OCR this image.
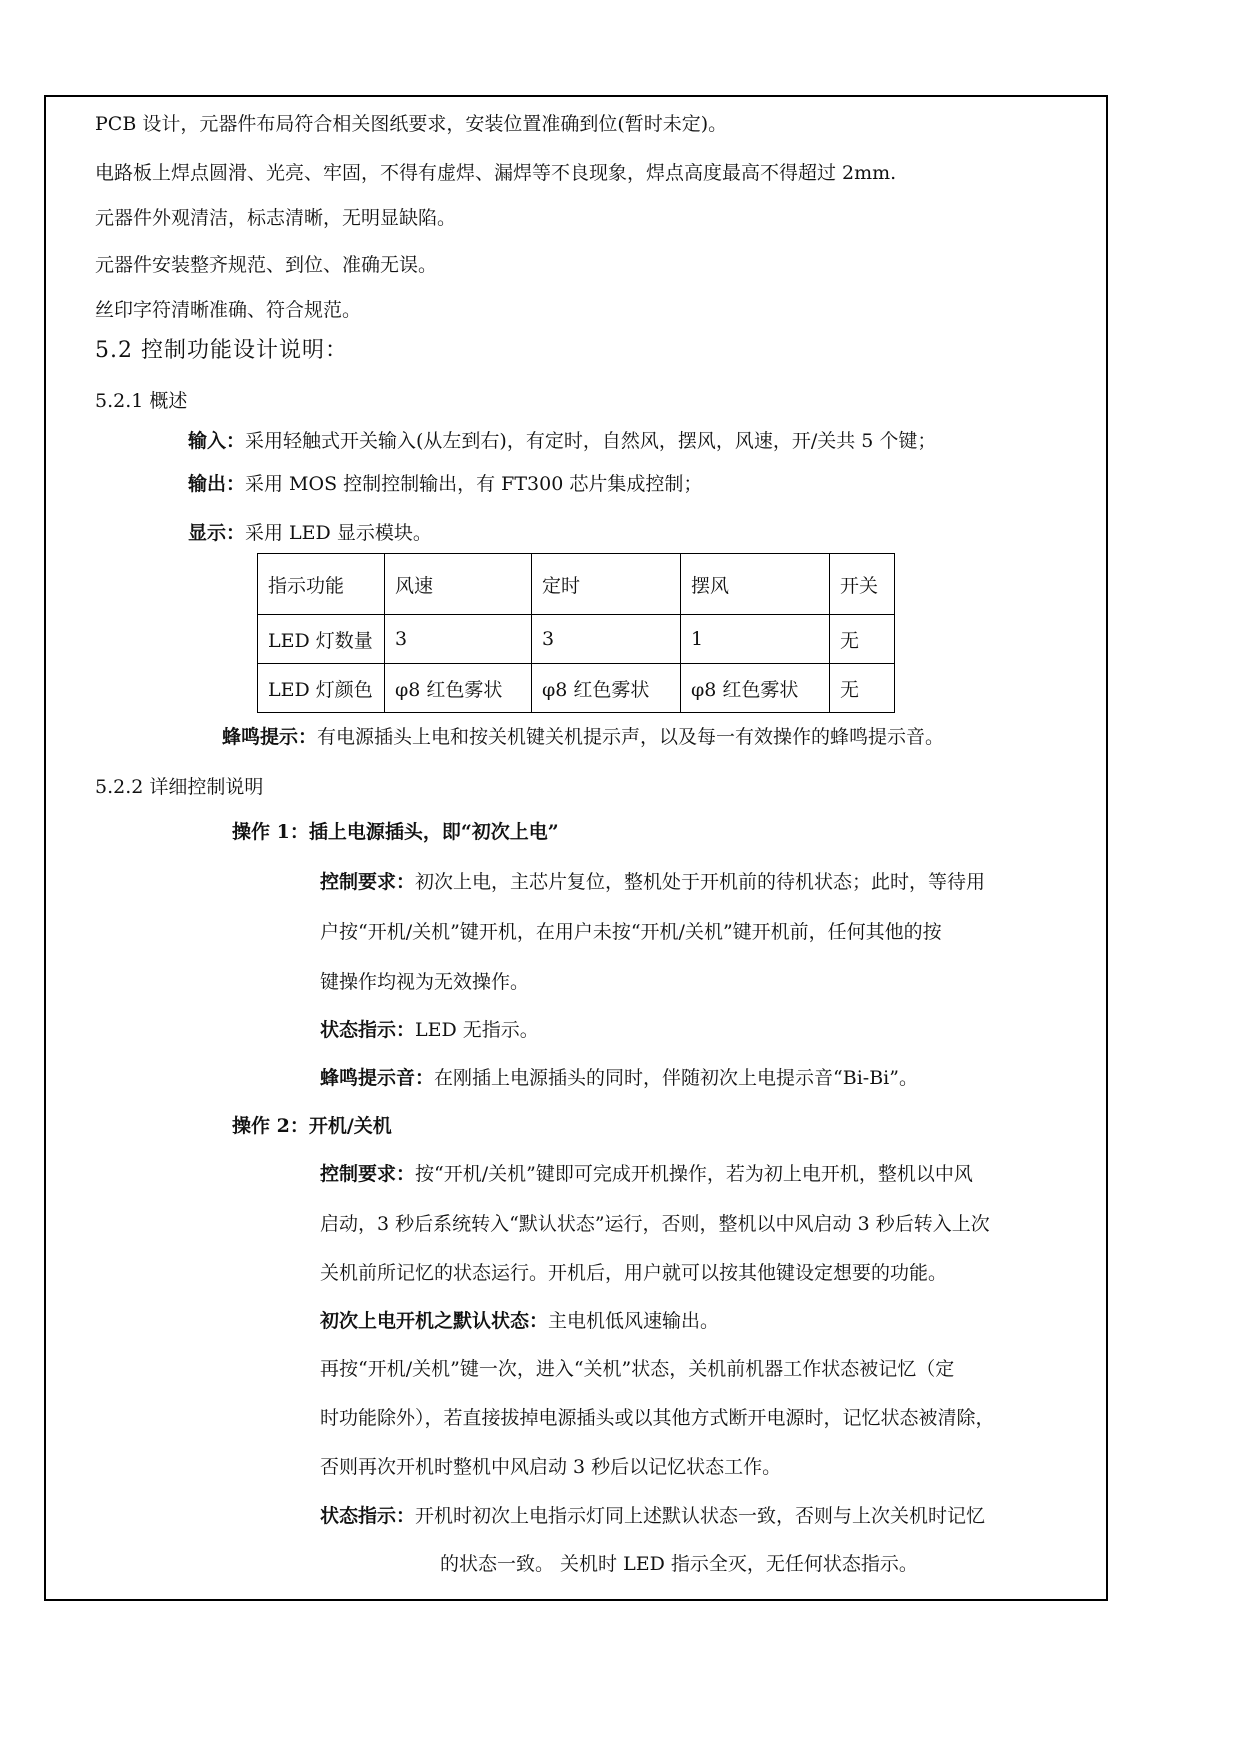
PCB 设计，元器件布局符合相关图纸要求，安装位置准确到位(暂时未定)。
电路板上焊点圆滑、光亮、牢固，不得有虚焊、漏焊等不良现象，焊点高度最高不得超过 2mm.
元器件外观清洁，标志清晰，无明显缺陷。
元器件安装整齐规范、到位、准确无误。
丝印字符清晰准确、符合规范。
5.2 控制功能设计说明：
5.2.1 概述
输入：采用轻触式开关输入(从左到右)，有定时，自然风，摆风，风速，开/关共 5 个键；
输出：采用 MOS 控制控制输出，有 FT300 芯片集成控制；
显示：采用 LED 显示模块。
指示功能	风速	定时	摆风	开关
LED 灯数量	3	3	1	无
LED 灯颜色	φ8 红色雾状	φ8 红色雾状	φ8 红色雾状	无
蜂鸣提示：有电源插头上电和按关机键关机提示声，以及每一有效操作的蜂鸣提示音。
5.2.2 详细控制说明
操作 1：插上电源插头，即“初次上电”
控制要求：初次上电，主芯片复位，整机处于开机前的待机状态；此时，等待用
户按“开机/关机”键开机，在用户未按“开机/关机”键开机前，任何其他的按
键操作均视为无效操作。
状态指示：LED 无指示。
蜂鸣提示音：在刚插上电源插头的同时，伴随初次上电提示音“Bi-Bi”。
操作 2：开机/关机
控制要求：按“开机/关机”键即可完成开机操作，若为初上电开机，整机以中风
启动，3 秒后系统转入“默认状态”运行，否则，整机以中风启动 3 秒后转入上次
关机前所记忆的状态运行。开机后，用户就可以按其他键设定想要的功能。
初次上电开机之默认状态：主电机低风速输出。
再按“开机/关机”键一次，进入“关机”状态，关机前机器工作状态被记忆（定
时功能除外），若直接拔掉电源插头或以其他方式断开电源时，记忆状态被清除，
否则再次开机时整机中风启动 3 秒后以记忆状态工作。
状态指示：开机时初次上电指示灯同上述默认状态一致，否则与上次关机时记忆
的状态一致。 关机时 LED 指示全灭，无任何状态指示。
